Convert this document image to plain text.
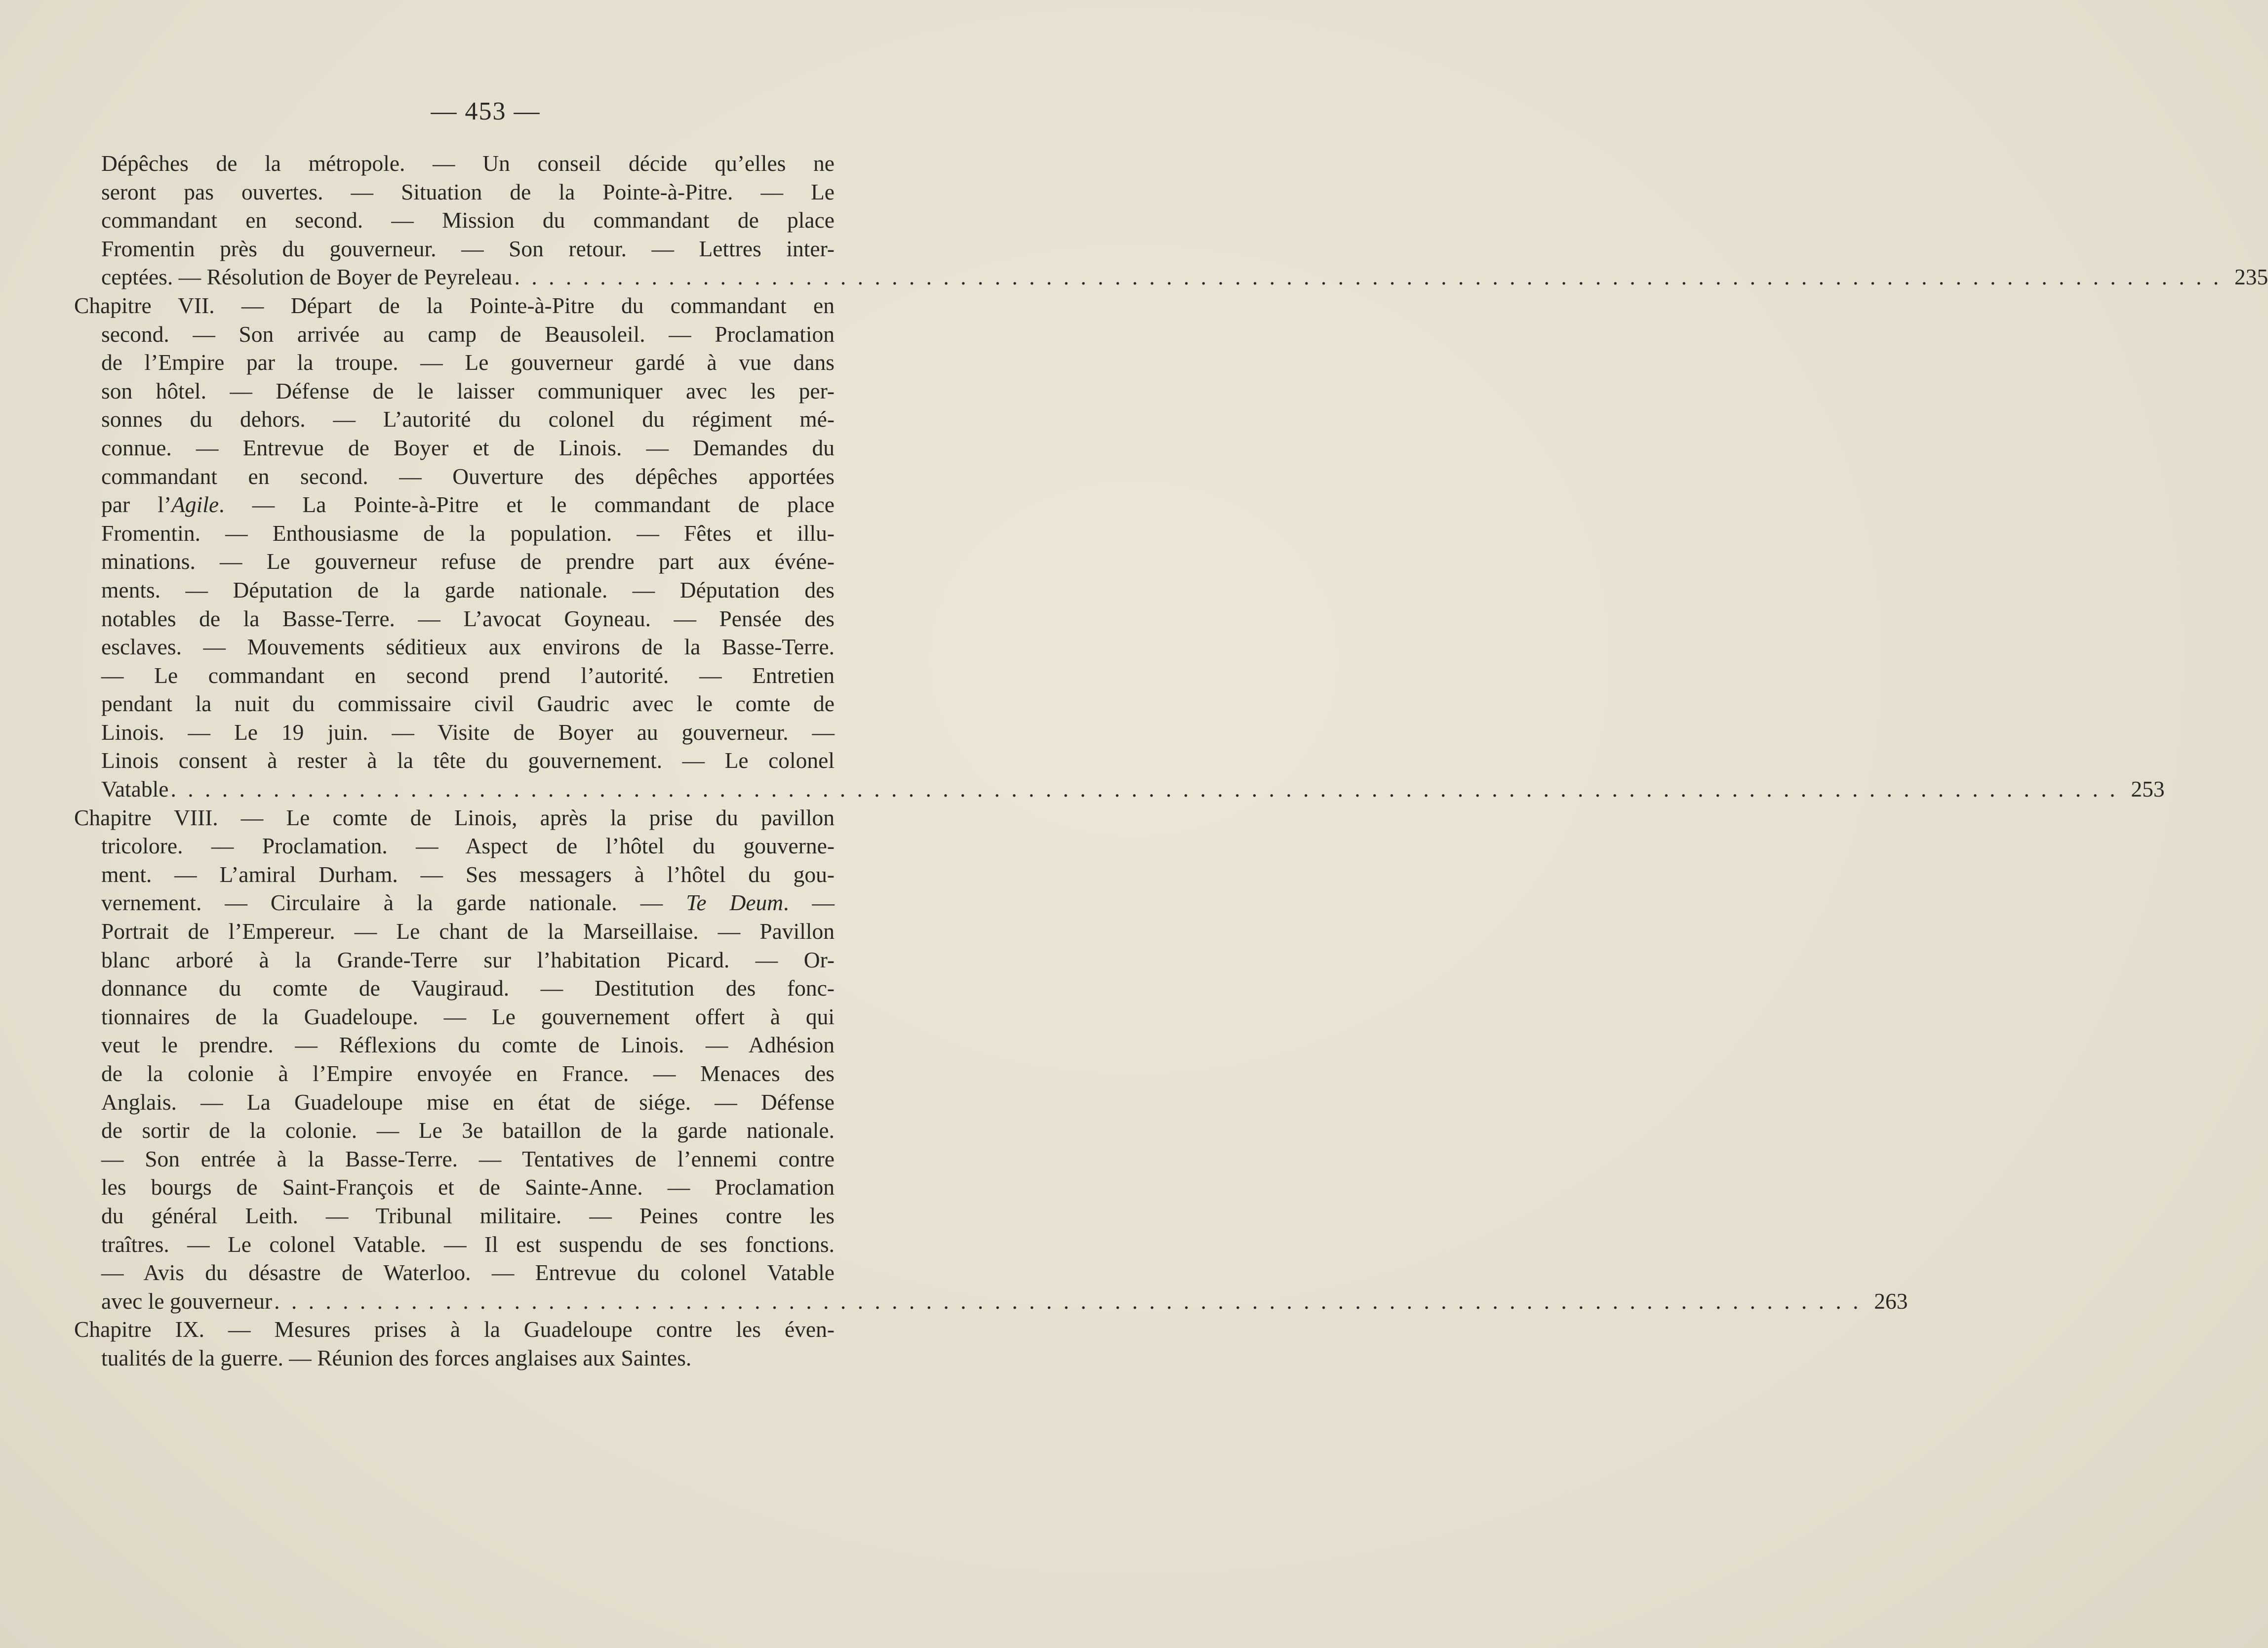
— 453 —
Dépêches de la métropole. — Un conseil décide qu’elles ne
seront pas ouvertes. — Situation de la Pointe-à-Pitre. — Le
commandant en second. — Mission du commandant de place
Fromentin près du gouverneur. — Son retour. — Lettres inter-
ceptées. — Résolution de Boyer de Peyreleau . . . . . . . . . . . . . . . . . . . . . . . . . . . . . . . . . . . . . . . . . . . . . . . . . . . . . . . . . . . . . . . . . . . . . . . . . . . . . . . . . . . . . . . . . . . . . . . . . . . . 235
Chapitre VII. — Départ de la Pointe-à-Pitre du commandant en
second. — Son arrivée au camp de Beausoleil. — Proclamation
de l’Empire par la troupe. — Le gouverneur gardé à vue dans
son hôtel. — Défense de le laisser communiquer avec les per-
sonnes du dehors. — L’autorité du colonel du régiment mé-
connue. — Entrevue de Boyer et de Linois. — Demandes du
commandant en second. — Ouverture des dépêches apportées
par l’Agile. — La Pointe-à-Pitre et le commandant de place
Fromentin. — Enthousiasme de la population. — Fêtes et illu-
minations. — Le gouverneur refuse de prendre part aux événe-
ments. — Députation de la garde nationale. — Députation des
notables de la Basse-Terre. — L’avocat Goyneau. — Pensée des
esclaves. — Mouvements séditieux aux environs de la Basse-Terre.
— Le commandant en second prend l’autorité. — Entretien
pendant la nuit du commissaire civil Gaudric avec le comte de
Linois. — Le 19 juin. — Visite de Boyer au gouverneur. —
Linois consent à rester à la tête du gouvernement. — Le colonel
Vatable . . . . . . . . . . . . . . . . . . . . . . . . . . . . . . . . . . . . . . . . . . . . . . . . . . . . . . . . . . . . . . . . . . . . . . . . . . . . . . . . . . . . . . . . . . . . . . . . . . . . . . . . . . . . . . . . . . 253
Chapitre VIII. — Le comte de Linois, après la prise du pavillon
tricolore. — Proclamation. — Aspect de l’hôtel du gouverne-
ment. — L’amiral Durham. — Ses messagers à l’hôtel du gou-
vernement. — Circulaire à la garde nationale. — Te Deum. —
Portrait de l’Empereur. — Le chant de la Marseillaise. — Pavillon
blanc arboré à la Grande-Terre sur l’habitation Picard. — Or-
donnance du comte de Vaugiraud. — Destitution des fonc-
tionnaires de la Guadeloupe. — Le gouvernement offert à qui
veut le prendre. — Réflexions du comte de Linois. — Adhésion
de la colonie à l’Empire envoyée en France. — Menaces des
Anglais. — La Guadeloupe mise en état de siége. — Défense
de sortir de la colonie. — Le 3e bataillon de la garde nationale.
— Son entrée à la Basse-Terre. — Tentatives de l’ennemi contre
les bourgs de Saint-François et de Sainte-Anne. — Proclamation
du général Leith. — Tribunal militaire. — Peines contre les
traîtres. — Le colonel Vatable. — Il est suspendu de ses fonctions.
— Avis du désastre de Waterloo. — Entrevue du colonel Vatable
avec le gouverneur . . . . . . . . . . . . . . . . . . . . . . . . . . . . . . . . . . . . . . . . . . . . . . . . . . . . . . . . . . . . . . . . . . . . . . . . . . . . . . . . . . . . . . . . . . . . . 263
Chapitre IX. — Mesures prises à la Guadeloupe contre les éven-
tualités de la guerre. — Réunion des forces anglaises aux Saintes.
